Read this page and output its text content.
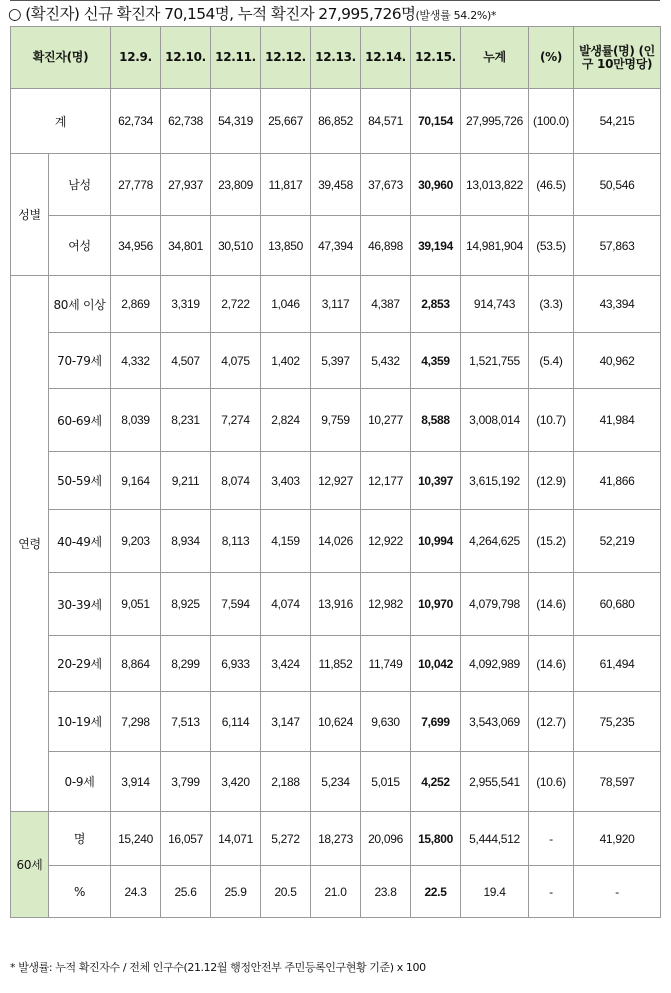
○ (확진자) 신규 확진자 70,154명, 누적 확진자 27,995,726명(발생률 54.2%)*
확진자(명)		12.9.	12.10.	12.11.	12.12.	12.13.	12.14.	12.15.	누계	(%)	발생률(명) (인구 10만명당)
계		62,734	62,738	54,319	25,667	86,852	84,571	70,154	27,995,726	(100.0)	54,215
성별	남성	27,778	27,937	23,809	11,817	39,458	37,673	30,960	13,013,822	(46.5)	50,546
	여성	34,956	34,801	30,510	13,850	47,394	46,898	39,194	14,981,904	(53.5)	57,863
연령	80세 이상	2,869	3,319	2,722	1,046	3,117	4,387	2,853	914,743	(3.3)	43,394
	70-79세	4,332	4,507	4,075	1,402	5,397	5,432	4,359	1,521,755	(5.4)	40,962
	60-69세	8,039	8,231	7,274	2,824	9,759	10,277	8,588	3,008,014	(10.7)	41,984
	50-59세	9,164	9,211	8,074	3,403	12,927	12,177	10,397	3,615,192	(12.9)	41,866
	40-49세	9,203	8,934	8,113	4,159	14,026	12,922	10,994	4,264,625	(15.2)	52,219
	30-39세	9,051	8,925	7,594	4,074	13,916	12,982	10,970	4,079,798	(14.6)	60,680
	20-29세	8,864	8,299	6,933	3,424	11,852	11,749	10,042	4,092,989	(14.6)	61,494
	10-19세	7,298	7,513	6,114	3,147	10,624	9,630	7,699	3,543,069	(12.7)	75,235
	0-9세	3,914	3,799	3,420	2,188	5,234	5,015	4,252	2,955,541	(10.6)	78,597
60세	명	15,240	16,057	14,071	5,272	18,273	20,096	15,800	5,444,512	-	41,920
	%	24.3	25.6	25.9	20.5	21.0	23.8	22.5	19.4	-	-
* 발생률: 누적 확진자수 / 전체 인구수(21.12월 행정안전부 주민등록인구현황 기준) x 100
